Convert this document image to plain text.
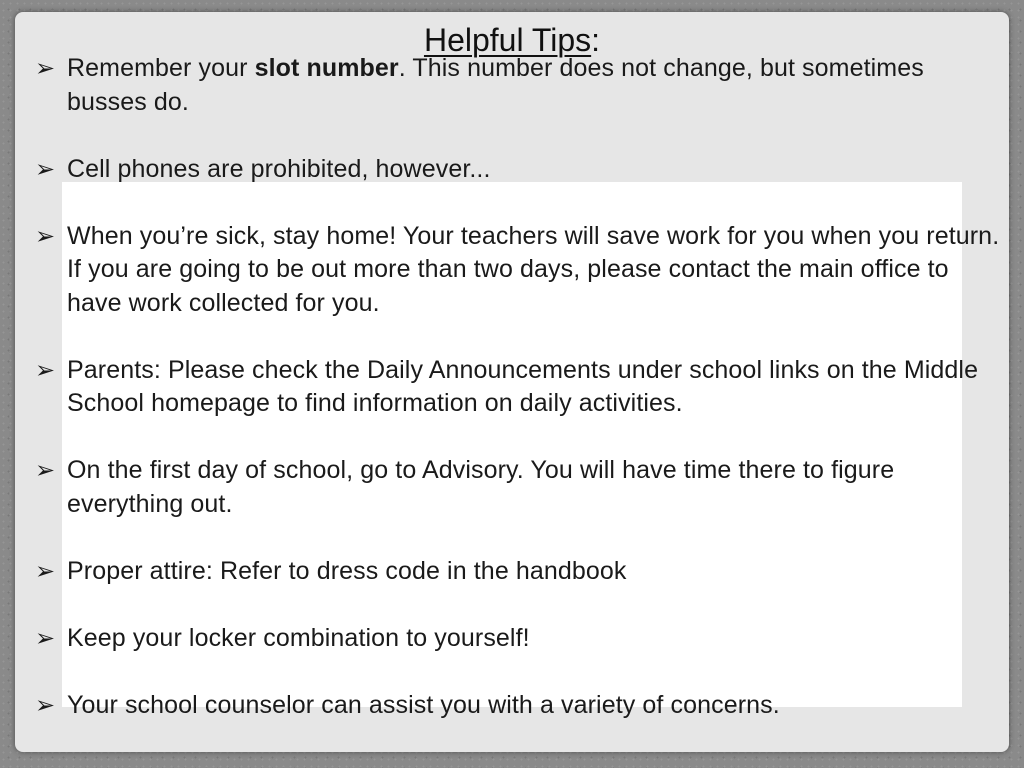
Helpful Tips:
➢ Remember your slot number. This number does not change, but sometimes busses do.
➢ Cell phones are prohibited, however...
➢ When you’re sick, stay home! Your teachers will save work for you when you return. If you are going to be out more than two days, please contact the main office to have work collected for you.
➢ Parents: Please check the Daily Announcements under school links on the Middle School homepage to find information on daily activities.
➢ On the first day of school, go to Advisory. You will have time there to figure everything out.
➢ Proper attire: Refer to dress code in the handbook
➢ Keep your locker combination to yourself!
➢ Your school counselor can assist you with a variety of concerns.
